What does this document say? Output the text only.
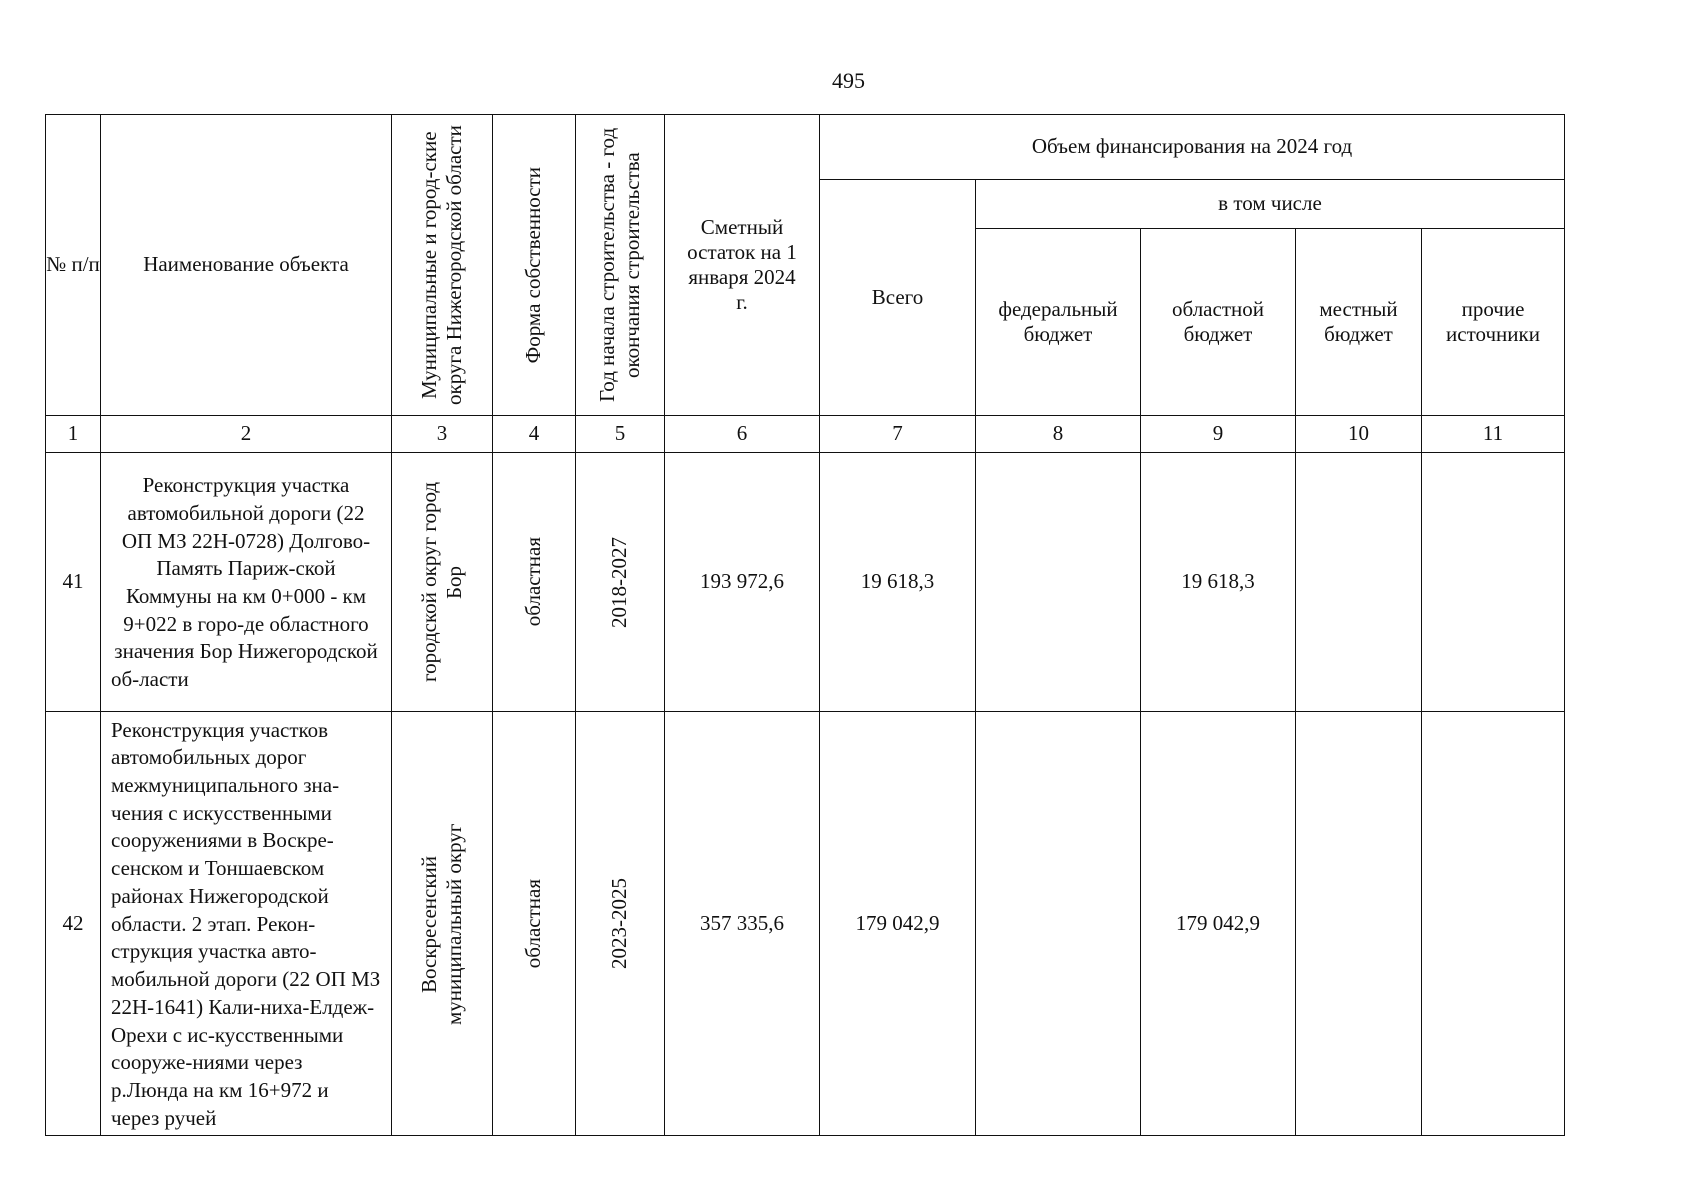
495
№ п/п	Наименование объекта	Муниципальные и город-ские округа Нижегородской области	Форма собственности	Год начала строительства - год окончания строительства	Сметный остаток на 1 января 2024 г.	Объем финансирования на 2024 год				
						Всего	в том числе			
							федеральный бюджет	областной бюджет	местный бюджет	прочие источники
1	2	3	4	5	6	7	8	9	10	11
41	Реконструкция участка автомобильной дороги (22 ОП МЗ 22Н-0728) Долгово-Память Париж-ской Коммуны на км 0+000 - км 9+022 в горо-де областного значения Бор Нижегородской об-ласти	городской округ город Бор	областная	2018-2027	193 972,6	19 618,3		19 618,3		
42	Реконструкция участков автомобильных дорог межмуниципального зна-чения с искусственными сооружениями в Воскре-сенском и Тоншаевском районах Нижегородской области. 2 этап. Рекон-струкция участка авто-мобильной дороги (22 ОП МЗ 22Н-1641) Кали-ниха-Елдеж-Орехи с ис-кусственными сооруже-ниями через р.Люнда на км 16+972 и через ручей	Воскресенский муниципальный округ	областная	2023-2025	357 335,6	179 042,9		179 042,9		
